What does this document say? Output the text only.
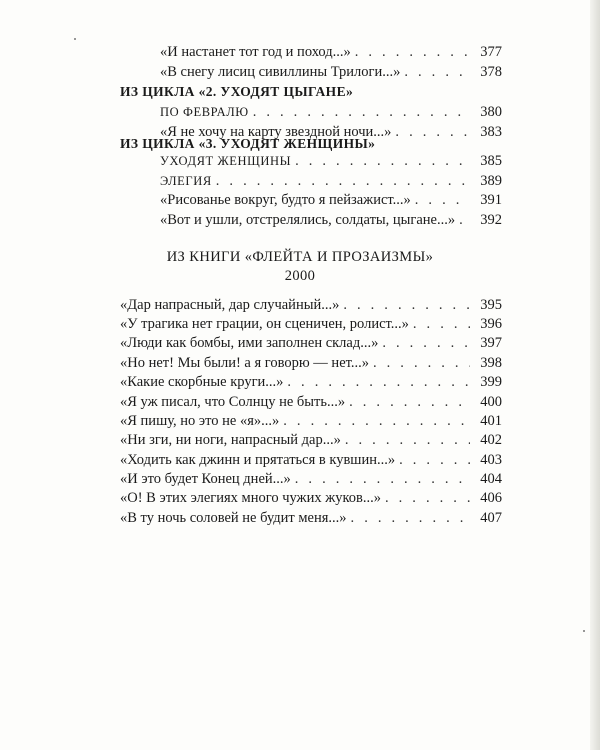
«И настанет тот год и поход...» . . .	377
«В снегу лисиц сивиллины Трилоги...» . . .	378
ИЗ ЦИКЛА «2. УХОДЯТ ЦЫГАНЕ»
ПО ФЕВРАЛЮ . . .	380
«Я не хочу на карту звездной ночи...» . . .	383
ИЗ ЦИКЛА «3. УХОДЯТ ЖЕНЩИНЫ»
УХОДЯТ ЖЕНЩИНЫ . . .	385
ЭЛЕГИЯ . . .	389
«Рисованье вокруг, будто я пейзажист...» . . .	391
«Вот и ушли, отстрелялись, солдаты, цыгане...» . . .	392
ИЗ КНИГИ «ФЛЕЙТА И ПРОЗАИЗМЫ»
2000
«Дар напрасный, дар случайный...» . . .	395
«У трагика нет грации, он сценичен, ролист...» . . .	396
«Люди как бомбы, ими заполнен склад...» . . .	397
«Но нет! Мы были! а я говорю — нет...» . . .	398
«Какие скорбные круги...» . . .	399
«Я уж писал, что Солнцу не быть...» . . .	400
«Я пишу, но это не «я»...» . . .	401
«Ни зги, ни ноги, напрасный дар...» . . .	402
«Ходить как джинн и прятаться в кувшин...» . . .	403
«И это будет Конец дней...» . . .	404
«О! В этих элегиях много чужих жуков...» . . .	406
«В ту ночь соловей не будит меня...» . . .	407
